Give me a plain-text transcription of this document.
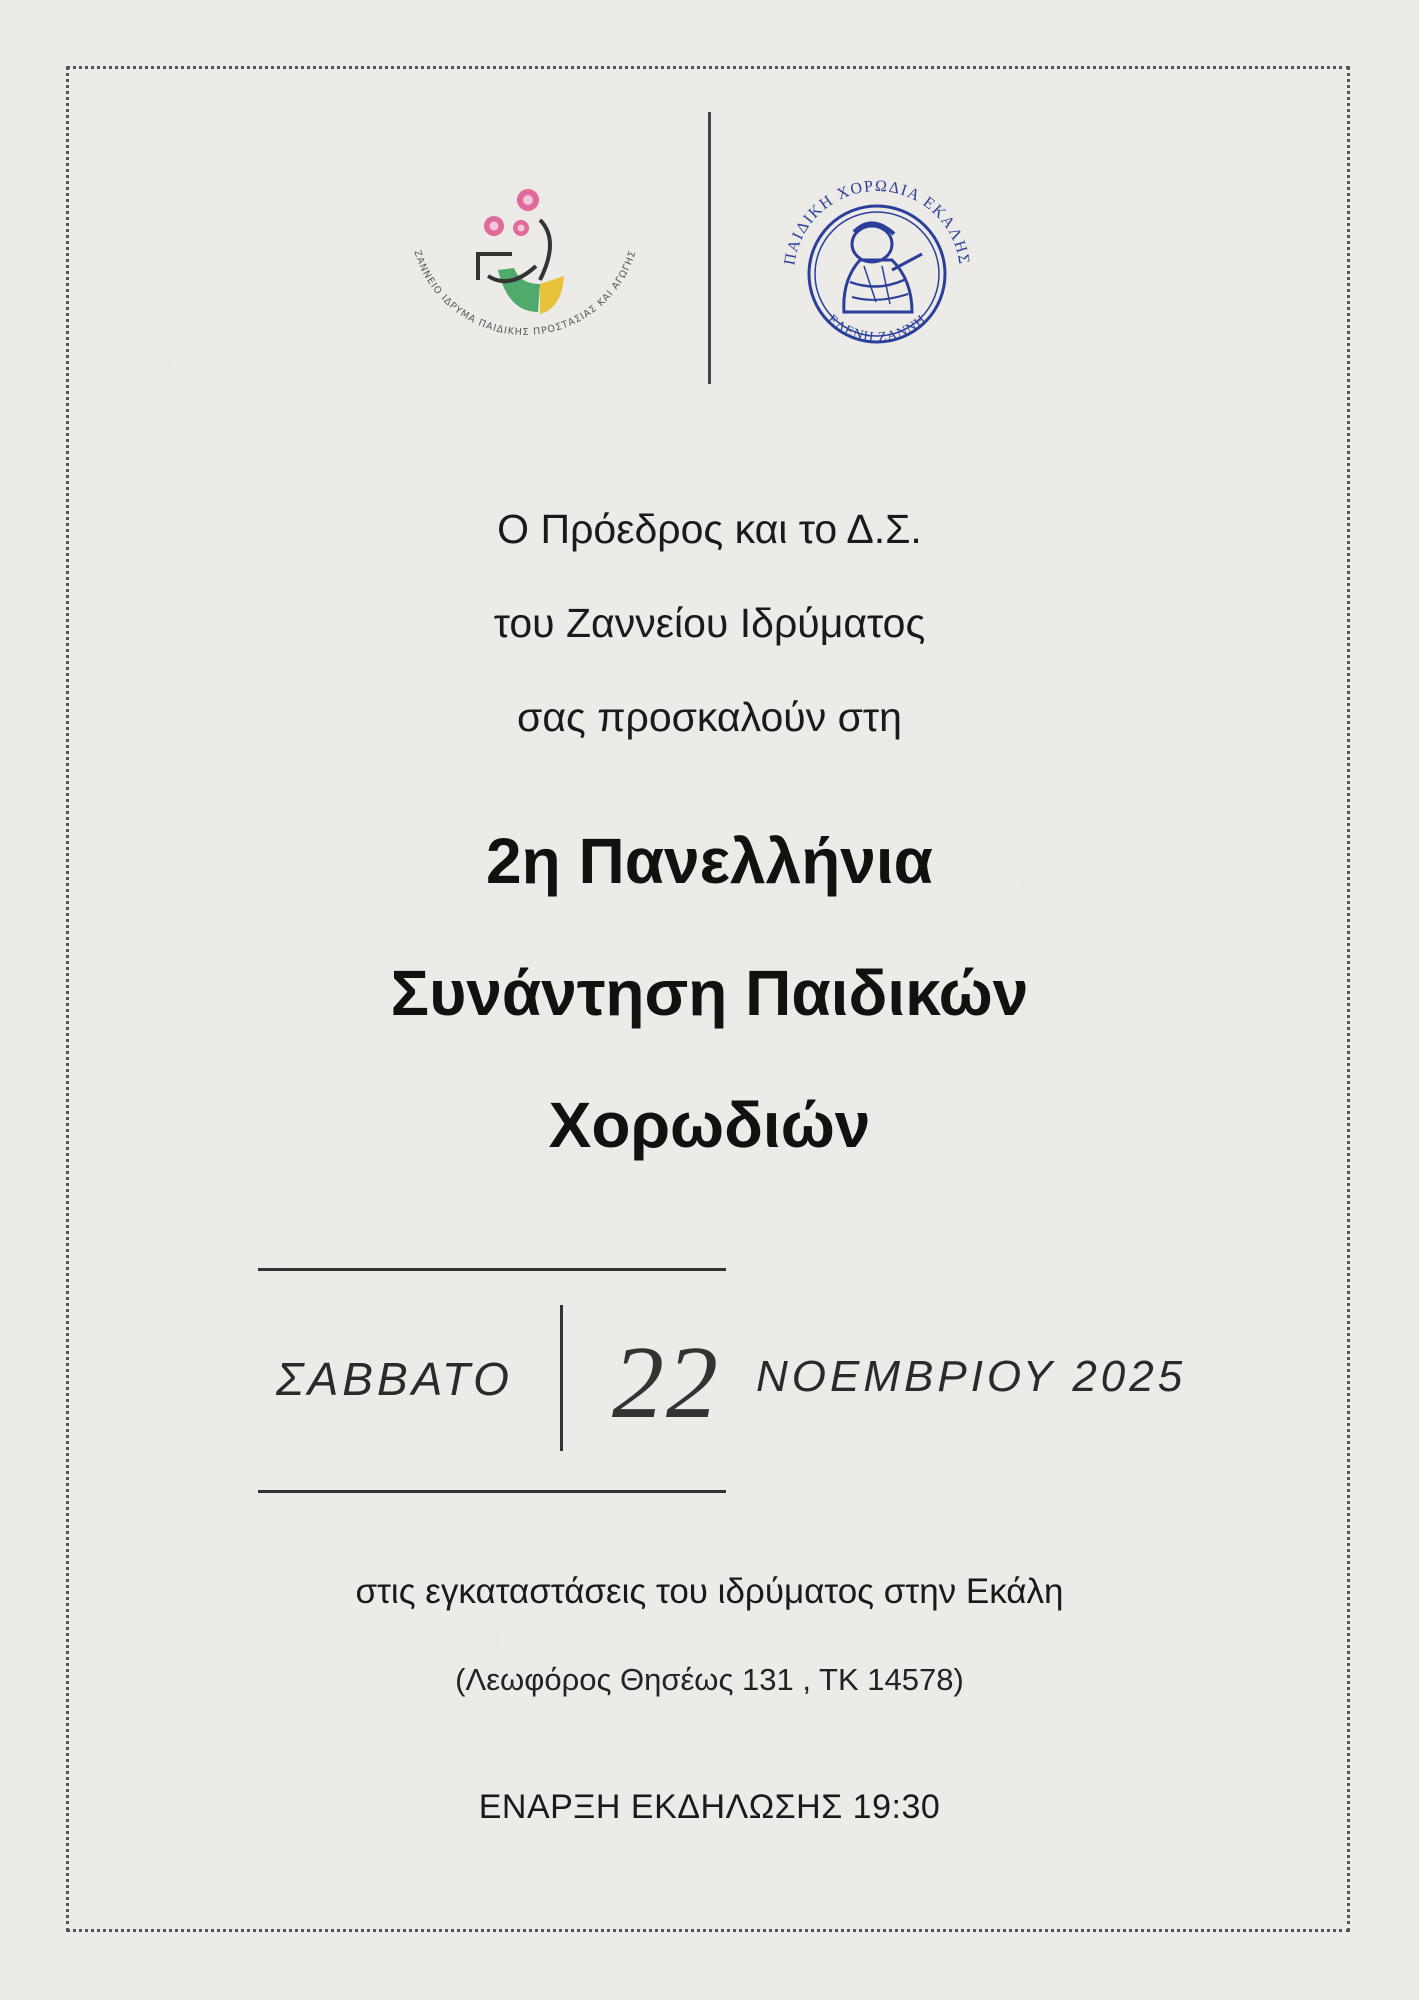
ΖΑΝΝΕΙΟ ΙΔΡΥΜΑ ΠΑΙΔΙΚΗΣ ΠΡΟΣΤΑΣΙΑΣ ΚΑΙ ΑΓΩΓΗΣ	ΠΑΙΔΙΚΗ ΧΟΡΩΔΙΑ ΕΚΑΛΗΣ
ΕΛΕΝΗ ΖΑΝΝΗ
Ο Πρόεδρος και το Δ.Σ.
του Ζαννείου Ιδρύματος
σας προσκαλούν στη
2η Πανελλήνια
Συνάντηση Παιδικών
Χορωδιών
ΣΑΒΒΑΤΟ 22 ΝΟΕΜΒΡΙΟΥ 2025
στις εγκαταστάσεις του ιδρύματος στην Εκάλη
(Λεωφόρος Θησέως 131 , ΤΚ 14578)
ΕΝΑΡΞΗ ΕΚΔΗΛΩΣΗΣ 19:30
